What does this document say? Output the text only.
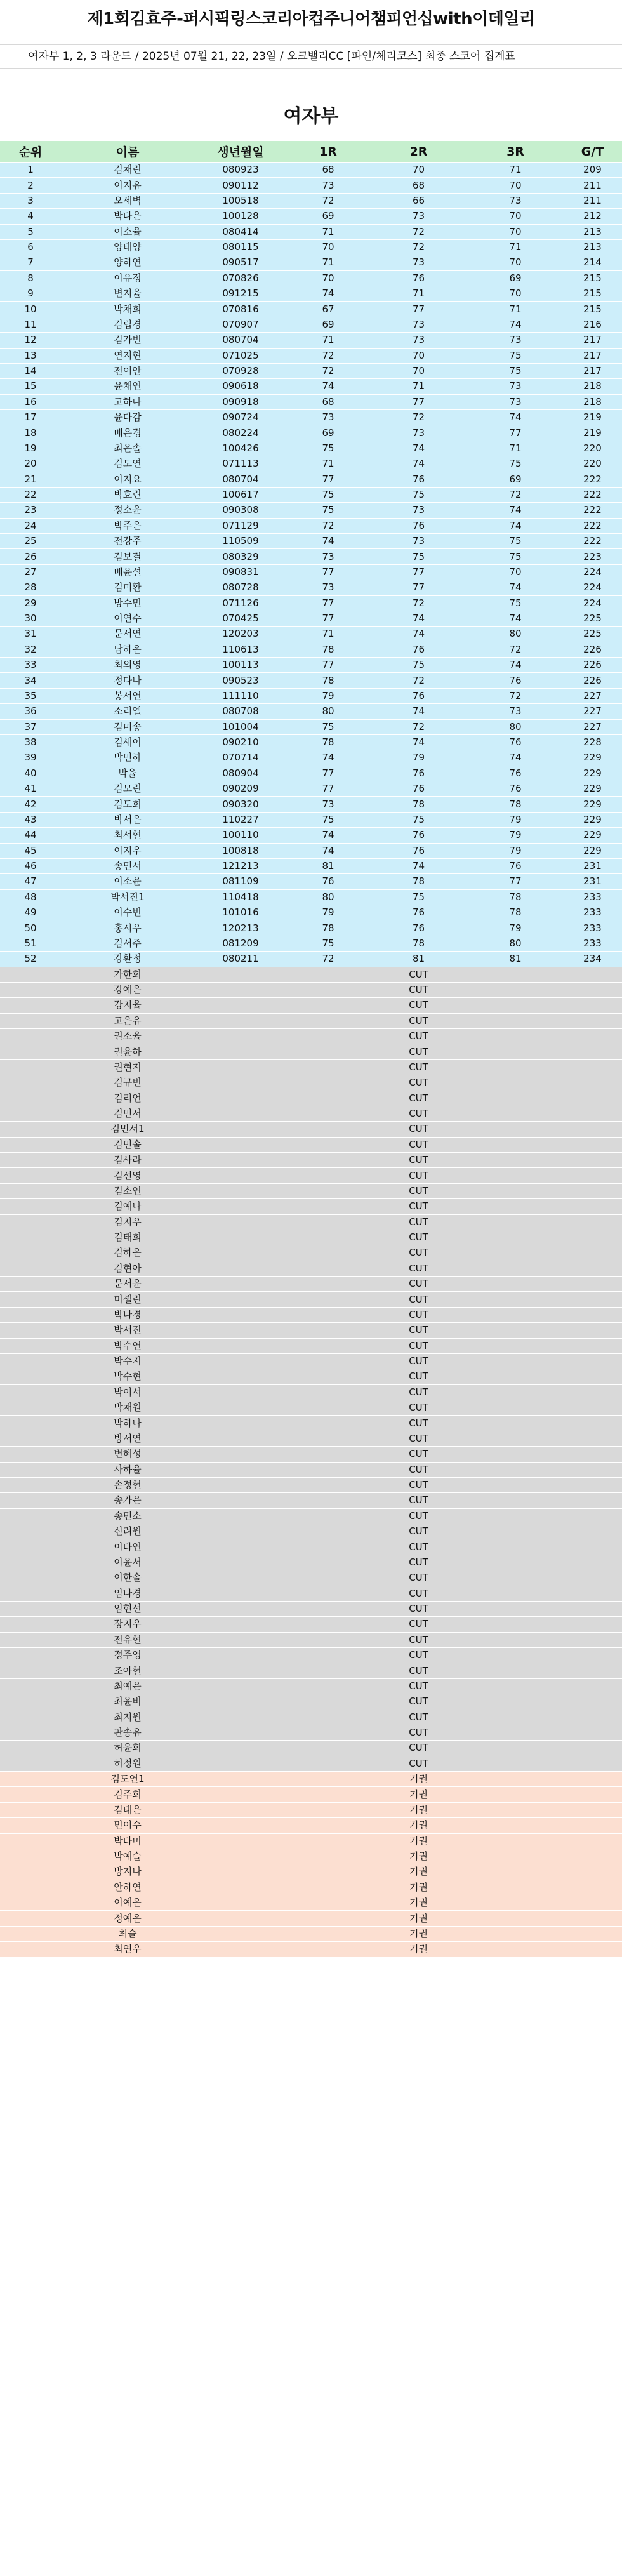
제1회김효주-퍼시픽링스코리아컵주니어챔피언십with이데일리
여자부 1, 2, 3 라운드 / 2025년 07월 21, 22, 23일 / 오크밸리CC [파인/체리코스] 최종 스코어 집계표
여자부
순위	이름	생년월일	1R	2R	3R	G/T
1	김채린	080923	68	70	71	209
2	이지유	090112	73	68	70	211
3	오세벽	100518	72	66	73	211
4	박다은	100128	69	73	70	212
5	이소율	080414	71	72	70	213
6	양태양	080115	70	72	71	213
7	양하연	090517	71	73	70	214
8	이유정	070826	70	76	69	215
9	변지율	091215	74	71	70	215
10	박채희	070816	67	77	71	215
11	김립경	070907	69	73	74	216
12	김가빈	080704	71	73	73	217
13	연지현	071025	72	70	75	217
14	전이안	070928	72	70	75	217
15	윤채연	090618	74	71	73	218
16	고하나	090918	68	77	73	218
17	윤다감	090724	73	72	74	219
18	배은경	080224	69	73	77	219
19	최은솔	100426	75	74	71	220
20	김도연	071113	71	74	75	220
21	이지요	080704	77	76	69	222
22	박효린	100617	75	75	72	222
23	정소윤	090308	75	73	74	222
24	박주은	071129	72	76	74	222
25	전강주	110509	74	73	75	222
26	김보결	080329	73	75	75	223
27	배윤설	090831	77	77	70	224
28	김미환	080728	73	77	74	224
29	방수민	071126	77	72	75	224
30	이연수	070425	77	74	74	225
31	문서연	120203	71	74	80	225
32	남하은	110613	78	76	72	226
33	최의영	100113	77	75	74	226
34	정다나	090523	78	72	76	226
35	봉서연	111110	79	76	72	227
36	소리엘	080708	80	74	73	227
37	김미송	101004	75	72	80	227
38	김세이	090210	78	74	76	228
39	박민하	070714	74	79	74	229
40	박율	080904	77	76	76	229
41	김모린	090209	77	76	76	229
42	김도희	090320	73	78	78	229
43	박서은	110227	75	75	79	229
44	최서현	100110	74	76	79	229
45	이지우	100818	74	76	79	229
46	송민서	121213	81	74	76	231
47	이소윤	081109	76	78	77	231
48	박서진1	110418	80	75	78	233
49	이수빈	101016	79	76	78	233
50	홍시우	120213	78	76	79	233
51	김서주	081209	75	78	80	233
52	강환정	080211	72	81	81	234
	가한희			CUT		
	강예은			CUT		
	강지율			CUT		
	고은유			CUT		
	권소율			CUT		
	권윤하			CUT		
	권현지			CUT		
	김규빈			CUT		
	김리언			CUT		
	김민서			CUT		
	김민서1			CUT		
	김민솔			CUT		
	김사라			CUT		
	김선영			CUT		
	김소연			CUT		
	김예나			CUT		
	김지우			CUT		
	김태희			CUT		
	김하은			CUT		
	김현아			CUT		
	문서윤			CUT		
	미셸린			CUT		
	박나경			CUT		
	박서진			CUT		
	박수연			CUT		
	박수지			CUT		
	박수현			CUT		
	박이서			CUT		
	박채원			CUT		
	박하나			CUT		
	방서연			CUT		
	변혜성			CUT		
	사하율			CUT		
	손정현			CUT		
	송가은			CUT		
	송민소			CUT		
	신려원			CUT		
	이다연			CUT		
	이윤서			CUT		
	이한솔			CUT		
	임나경			CUT		
	임현선			CUT		
	장지우			CUT		
	전유현			CUT		
	정주영			CUT		
	조아현			CUT		
	최예은			CUT		
	최윤비			CUT		
	최지원			CUT		
	판송유			CUT		
	허윤희			CUT		
	허정원			CUT		
	김도연1			기권		
	김주희			기권		
	김태은			기권		
	민이수			기권		
	박다미			기권		
	박예슬			기권		
	방지나			기권		
	안하연			기권		
	이예은			기권		
	정예은			기권		
	최슬			기권		
	최연우			기권		
